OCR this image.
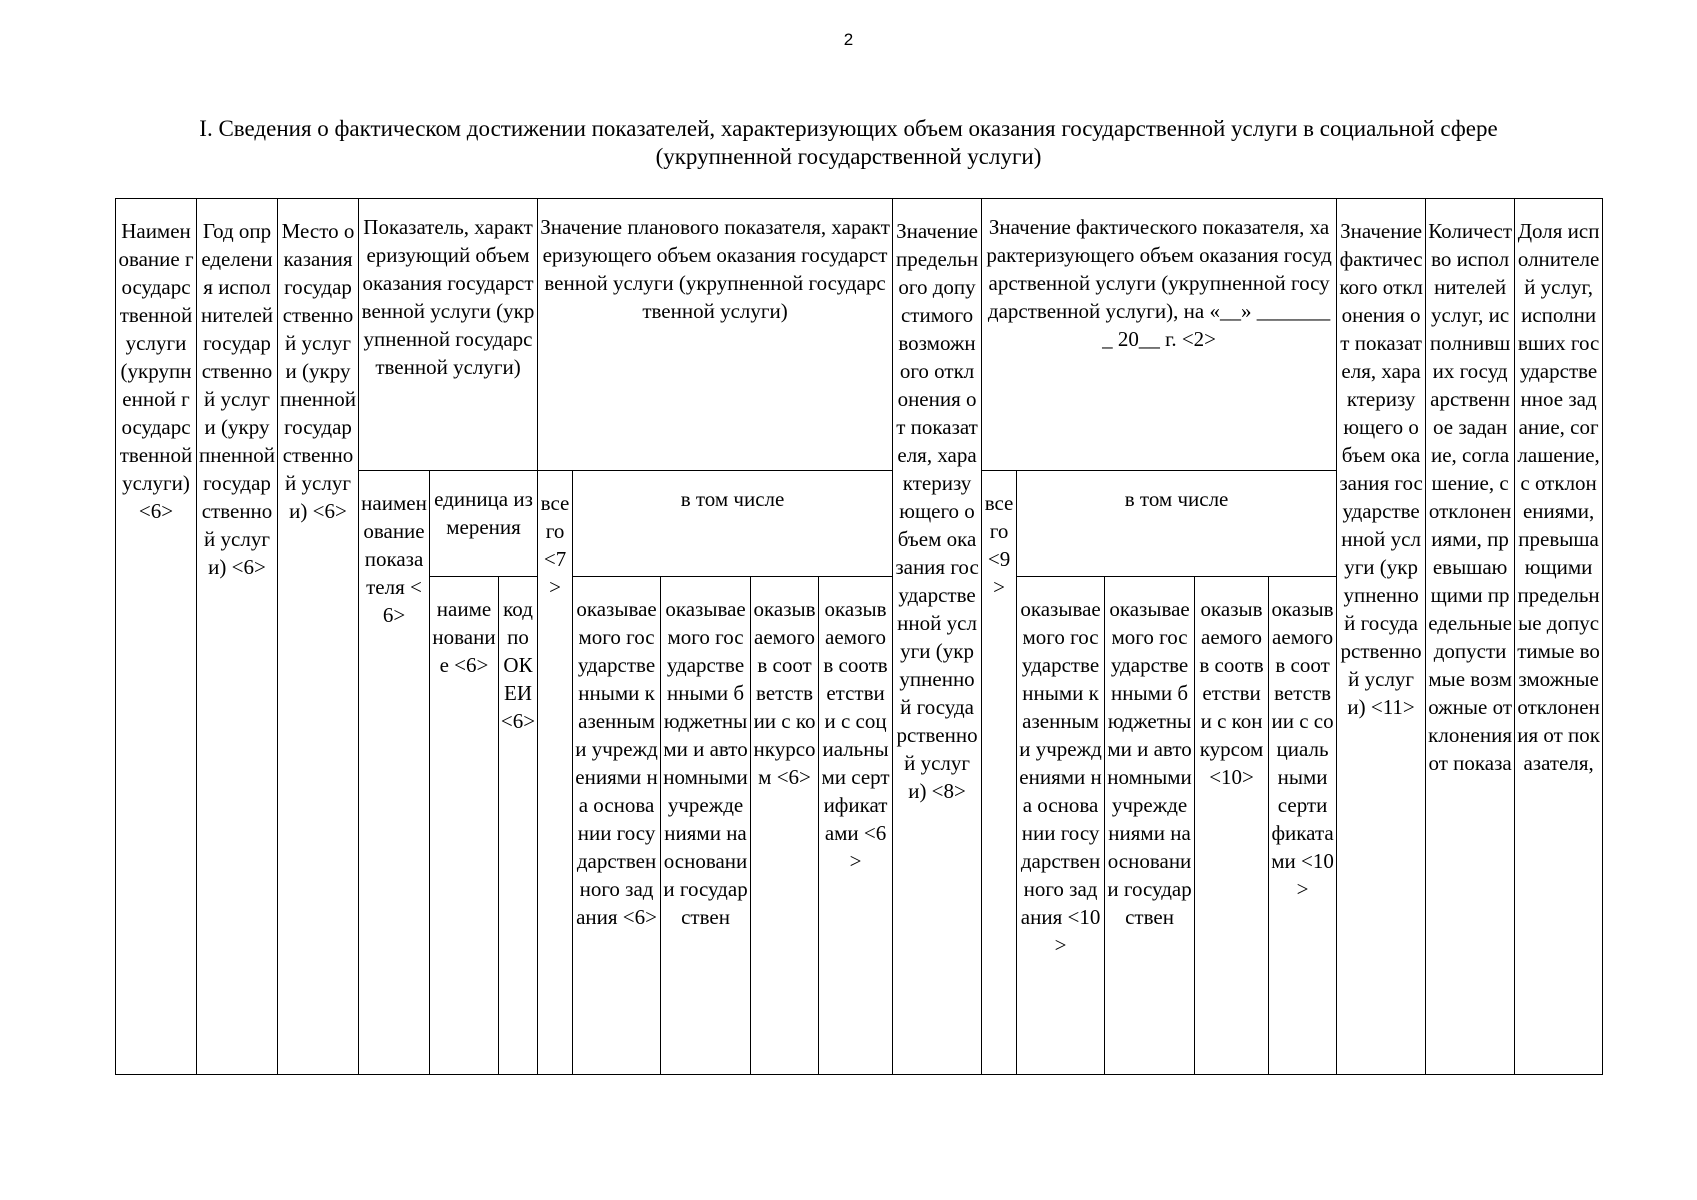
2
I. Сведения о фактическом достижении показателей, характеризующих объем оказания государственной услуги в социальной сфере
(укрупненной государственной услуги)
Наименование государственной услуги (укрупненной государственной услуги) <6>	Год определения исполнителей государственной услуги (укрупненной государственной услуги) <6>	Место оказания государственной услуги (укрупненной государственной услуги) <6>	Показатель, характеризующий объем оказания государственной услуги (укрупненной государственной услуги)			Значение планового показателя, характеризующего объем оказания государственной услуги (укрупненной государственной услуги)					Значение предельного допустимого возможного отклонения от показателя, характеризующего объем оказания государственной услуги (укрупненной государственной услуги) <8>	Значение фактического показателя, характеризующего объем оказания государственной услуги (укрупненной государственной услуги), на «__» ________ 20__ г. <2>					Значение фактического отклонения от показателя, характеризующего объем оказания государственной услуги (укрупненной государственной услуги) <11>	Количество исполнителей услуг, исполнивших государственное задание, соглашение, с отклонениями, превышающими предельные допустимые возможные отклонения от показа	Доля исполнителей услуг, исполнивших государственное задание, соглашение, с отклонениями, превышающими предельные допустимые возможные отклонения от показателя,

			наименование показателя <6>	единица измерения		всего <7>	в том числе					всего <9>	в том числе						

				наименование <6>	код по ОКЕИ <6>		оказываемого государственными казенными учреждениями на основании государственного задания <6>	оказываемого государственными бюджетными и автономными учреждениями на основании государствен	оказываемого в соответствии с конкурсом <6>	оказываемого в соответствии с социальными сертификатами <6>			оказываемого государственными казенными учреждениями на основании государственного задания <10>	оказываемого государственными бюджетными и автономными учреждениями на основании государствен	оказываемого в соответствии с конкурсом <10>	оказываемого в соответствии с социальными сертификатами <10>			
